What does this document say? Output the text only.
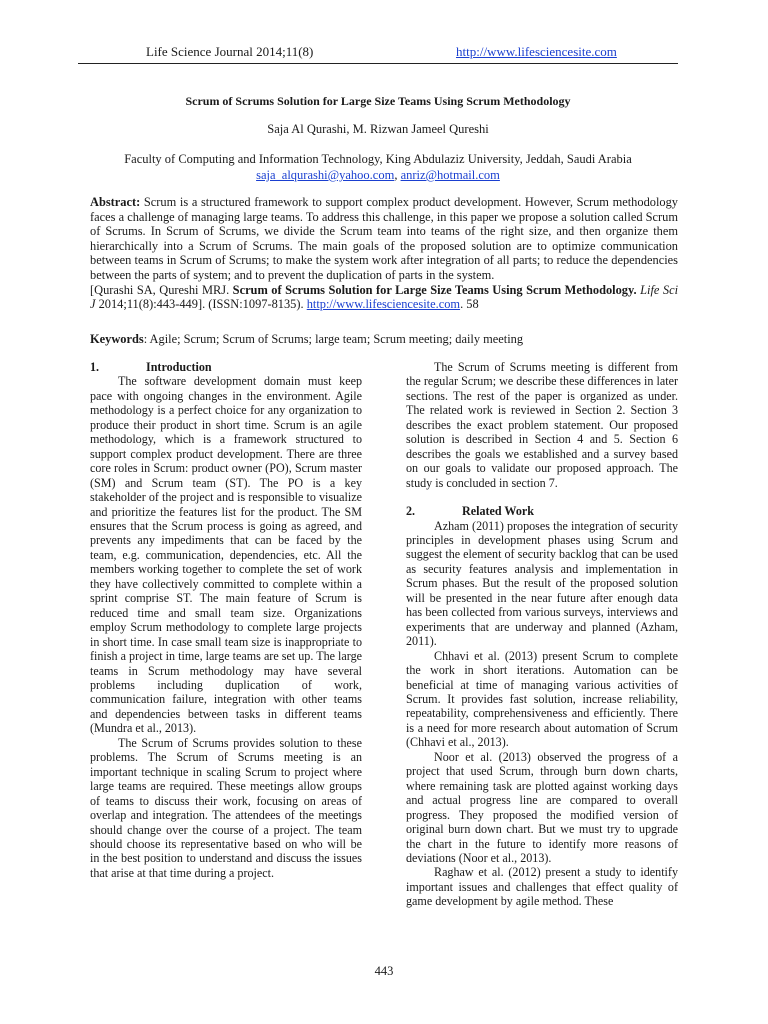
Life Science Journal 2014;11(8)	http://www.lifesciencesite.com
Scrum of Scrums Solution for Large Size Teams Using Scrum Methodology
Saja Al Qurashi, M. Rizwan Jameel Qureshi
Faculty of Computing and Information Technology, King Abdulaziz University, Jeddah, Saudi Arabia
saja_alqurashi@yahoo.com, anriz@hotmail.com
Abstract: Scrum is a structured framework to support complex product development. However, Scrum methodology faces a challenge of managing large teams. To address this challenge, in this paper we propose a solution called Scrum of Scrums. In Scrum of Scrums, we divide the Scrum team into teams of the right size, and then organize them hierarchically into a Scrum of Scrums. The main goals of the proposed solution are to optimize communication between teams in Scrum of Scrums; to make the system work after integration of all parts; to reduce the dependencies between the parts of system; and to prevent the duplication of parts in the system.
[Qurashi SA, Qureshi MRJ. Scrum of Scrums Solution for Large Size Teams Using Scrum Methodology. Life Sci J 2014;11(8):443-449]. (ISSN:1097-8135). http://www.lifesciencesite.com. 58
Keywords: Agile; Scrum; Scrum of Scrums; large team; Scrum meeting; daily meeting
1.	Introduction

The software development domain must keep pace with ongoing changes in the environment. Agile methodology is a perfect choice for any organization to produce their product in short time. Scrum is an agile methodology, which is a framework structured to support complex product development. There are three core roles in Scrum: product owner (PO), Scrum master (SM) and Scrum team (ST). The PO is a key stakeholder of the project and is responsible to visualize and prioritize the features list for the product. The SM ensures that the Scrum process is going as agreed, and prevents any impediments that can be faced by the team, e.g. communication, dependencies, etc. All the members working together to complete the set of work they have collectively committed to complete within a sprint comprise ST. The main feature of Scrum is reduced time and small team size. Organizations employ Scrum methodology to complete large projects in short time. In case small team size is inappropriate to finish a project in time, large teams are set up. The large teams in Scrum methodology may have several problems including duplication of work, communication failure, integration with other teams and dependencies between tasks in different teams (Mundra et al., 2013).

The Scrum of Scrums provides solution to these problems. The Scrum of Scrums meeting is an important technique in scaling Scrum to project where large teams are required. These meetings allow groups of teams to discuss their work, focusing on areas of overlap and integration. The attendees of the meetings should change over the course of a project. The team should choose its representative based on who will be in the best position to understand and discuss the issues that arise at that time during a project.

The Scrum of Scrums meeting is different from the regular Scrum; we describe these differences in later sections. The rest of the paper is organized as under. The related work is reviewed in Section 2. Section 3 describes the exact problem statement. Our proposed solution is described in Section 4 and 5. Section 6 describes the goals we established and a survey based on our goals to validate our proposed approach. The study is concluded in section 7.

2.	Related Work

Azham (2011) proposes the integration of security principles in development phases using Scrum and suggest the element of security backlog that can be used as security features analysis and implementation in Scrum phases. But the result of the proposed solution will be presented in the near future after enough data has been collected from various surveys, interviews and experiments that are underway and planned (Azham, 2011).

Chhavi et al. (2013) present Scrum to complete the work in short iterations. Automation can be beneficial at time of managing various activities of Scrum. It provides fast solution, increase reliability, repeatability, comprehensiveness and efficiently. There is a need for more research about automation of Scrum (Chhavi et al., 2013).

Noor et al. (2013) observed the progress of a project that used Scrum, through burn down charts, where remaining task are plotted against working days and actual progress line are compared to overall progress. They proposed the modified version of original burn down chart. But we must try to upgrade the chart in the future to identify more reasons of deviations (Noor et al., 2013).

Raghaw et al. (2012) present a study to identify important issues and challenges that effect quality of game development by agile method. These

443
